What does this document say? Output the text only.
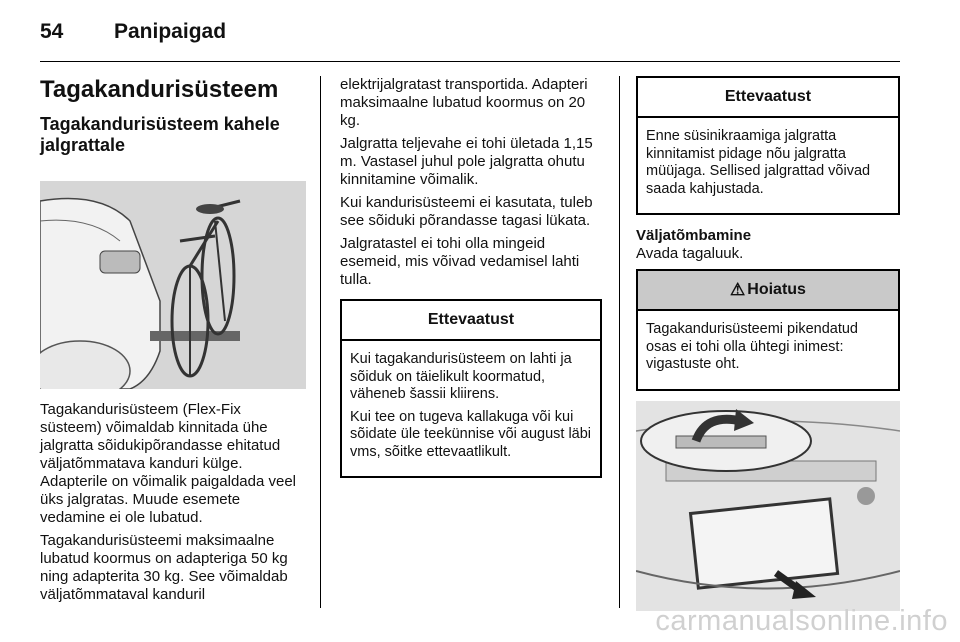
54 Panipaigad
Tagakandurisüsteem
Tagakandurisüsteem kahele jalgrattale
Tagakandurisüsteem (Flex-Fix süsteem) võimaldab kinnitada ühe jalgratta sõidukipõrandasse ehitatud väljatõmmatava kanduri külge. Adapterile on võimalik paigaldada veel üks jalgratas. Muude esemete vedamine ei ole lubatud.
Tagakandurisüsteemi maksimaalne lubatud koormus on adapteriga 50 kg ning adapterita 30 kg. See võimaldab väljatõmmataval kanduril
elektrijalgratast transportida. Adapteri maksimaalne lubatud koormus on 20 kg.
Jalgratta teljevahe ei tohi ületada 1,15 m. Vastasel juhul pole jalgratta ohutu kinnitamine võimalik.
Kui kandurisüsteemi ei kasutata, tuleb see sõiduki põrandasse tagasi lükata.
Jalgratastel ei tohi olla mingeid esemeid, mis võivad vedamisel lahti tulla.
Ettevaatust
Kui tagakandurisüsteem on lahti ja sõiduk on täielikult koormatud, väheneb šassii kliirens.
Kui tee on tugeva kallakuga või kui sõidate üle teekünnise või august läbi vms, sõitke ettevaatlikult.
Ettevaatust
Enne süsinikraamiga jalgratta kinnitamist pidage nõu jalgratta müüjaga. Sellised jalgrattad võivad saada kahjustada.
Väljatõmbamine
Avada tagaluuk.
⚠ Hoiatus
Tagakandurisüsteemi pikendatud osas ei tohi olla ühtegi inimest: vigastuste oht.
carmanualsonline.info
